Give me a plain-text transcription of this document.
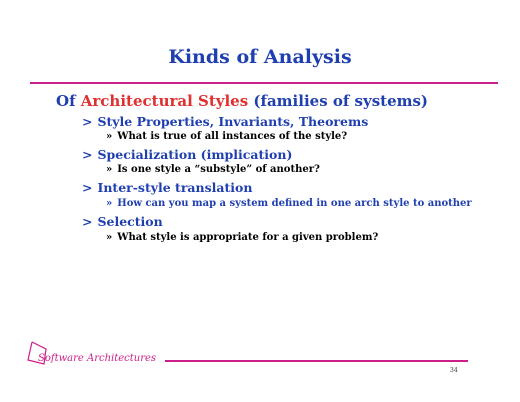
Kinds of Analysis
Of Architectural Styles (families of systems)
> Style Properties, Invariants, Theorems
» What is true of all instances of the style?
> Specialization (implication)
» Is one style a “substyle” of another?
> Inter-style translation
» How can you map a system defined in one arch style to another
> Selection
» What style is appropriate for a given problem?
Software Architectures
34
